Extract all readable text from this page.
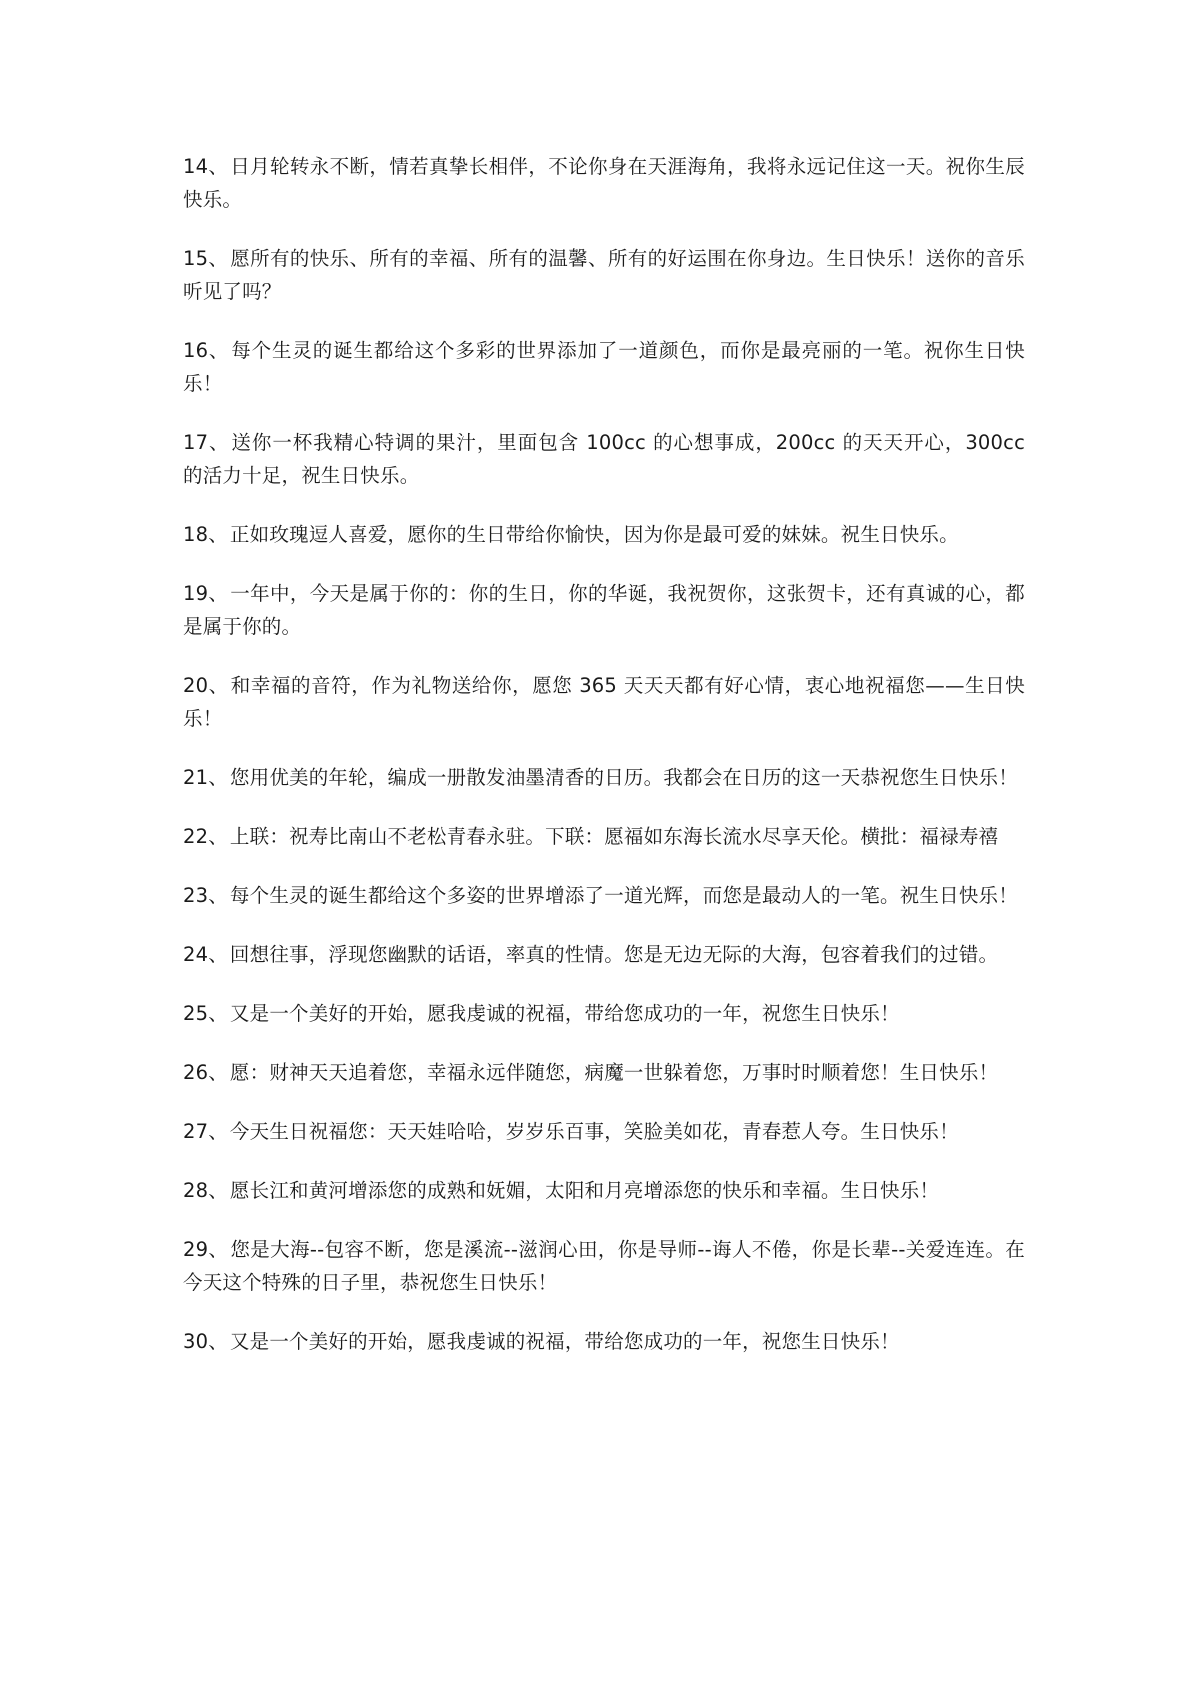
14、 日月轮转永不断，情若真挚长相伴，不论你身在天涯海角，我将永远记住这一天。祝你生辰快乐。

15、 愿所有的快乐、所有的幸福、所有的温馨、所有的好运围在你身边。生日快乐！送你的音乐听见了吗？

16、 每个生灵的诞生都给这个多彩的世界添加了一道颜色，而你是最亮丽的一笔。祝你生日快乐！

17、 送你一杯我精心特调的果汁，里面包含 100cc 的心想事成，200cc 的天天开心，300cc 的活力十足，祝生日快乐。

18、 正如玫瑰逗人喜爱，愿你的生日带给你愉快，因为你是最可爱的妹妹。祝生日快乐。

19、 一年中，今天是属于你的：你的生日，你的华诞，我祝贺你，这张贺卡，还有真诚的心，都是属于你的。

20、 和幸福的音符，作为礼物送给你，愿您 365 天天天都有好心情，衷心地祝福您——生日快乐！

21、 您用优美的年轮，编成一册散发油墨清香的日历。我都会在日历的这一天恭祝您生日快乐！

22、 上联：祝寿比南山不老松青春永驻。下联：愿福如东海长流水尽享天伦。横批：福禄寿禧

23、 每个生灵的诞生都给这个多姿的世界增添了一道光辉，而您是最动人的一笔。祝生日快乐！

24、 回想往事，浮现您幽默的话语，率真的性情。您是无边无际的大海，包容着我们的过错。

25、 又是一个美好的开始，愿我虔诚的祝福，带给您成功的一年，祝您生日快乐！

26、 愿：财神天天追着您，幸福永远伴随您，病魔一世躲着您，万事时时顺着您！生日快乐！

27、 今天生日祝福您：天天娃哈哈，岁岁乐百事，笑脸美如花，青春惹人夸。生日快乐！

28、 愿长江和黄河增添您的成熟和妩媚，太阳和月亮增添您的快乐和幸福。生日快乐！

29、 您是大海--包容不断，您是溪流--滋润心田，你是导师--诲人不倦，你是长辈--关爱连连。在今天这个特殊的日子里，恭祝您生日快乐！

30、 又是一个美好的开始，愿我虔诚的祝福，带给您成功的一年，祝您生日快乐！
